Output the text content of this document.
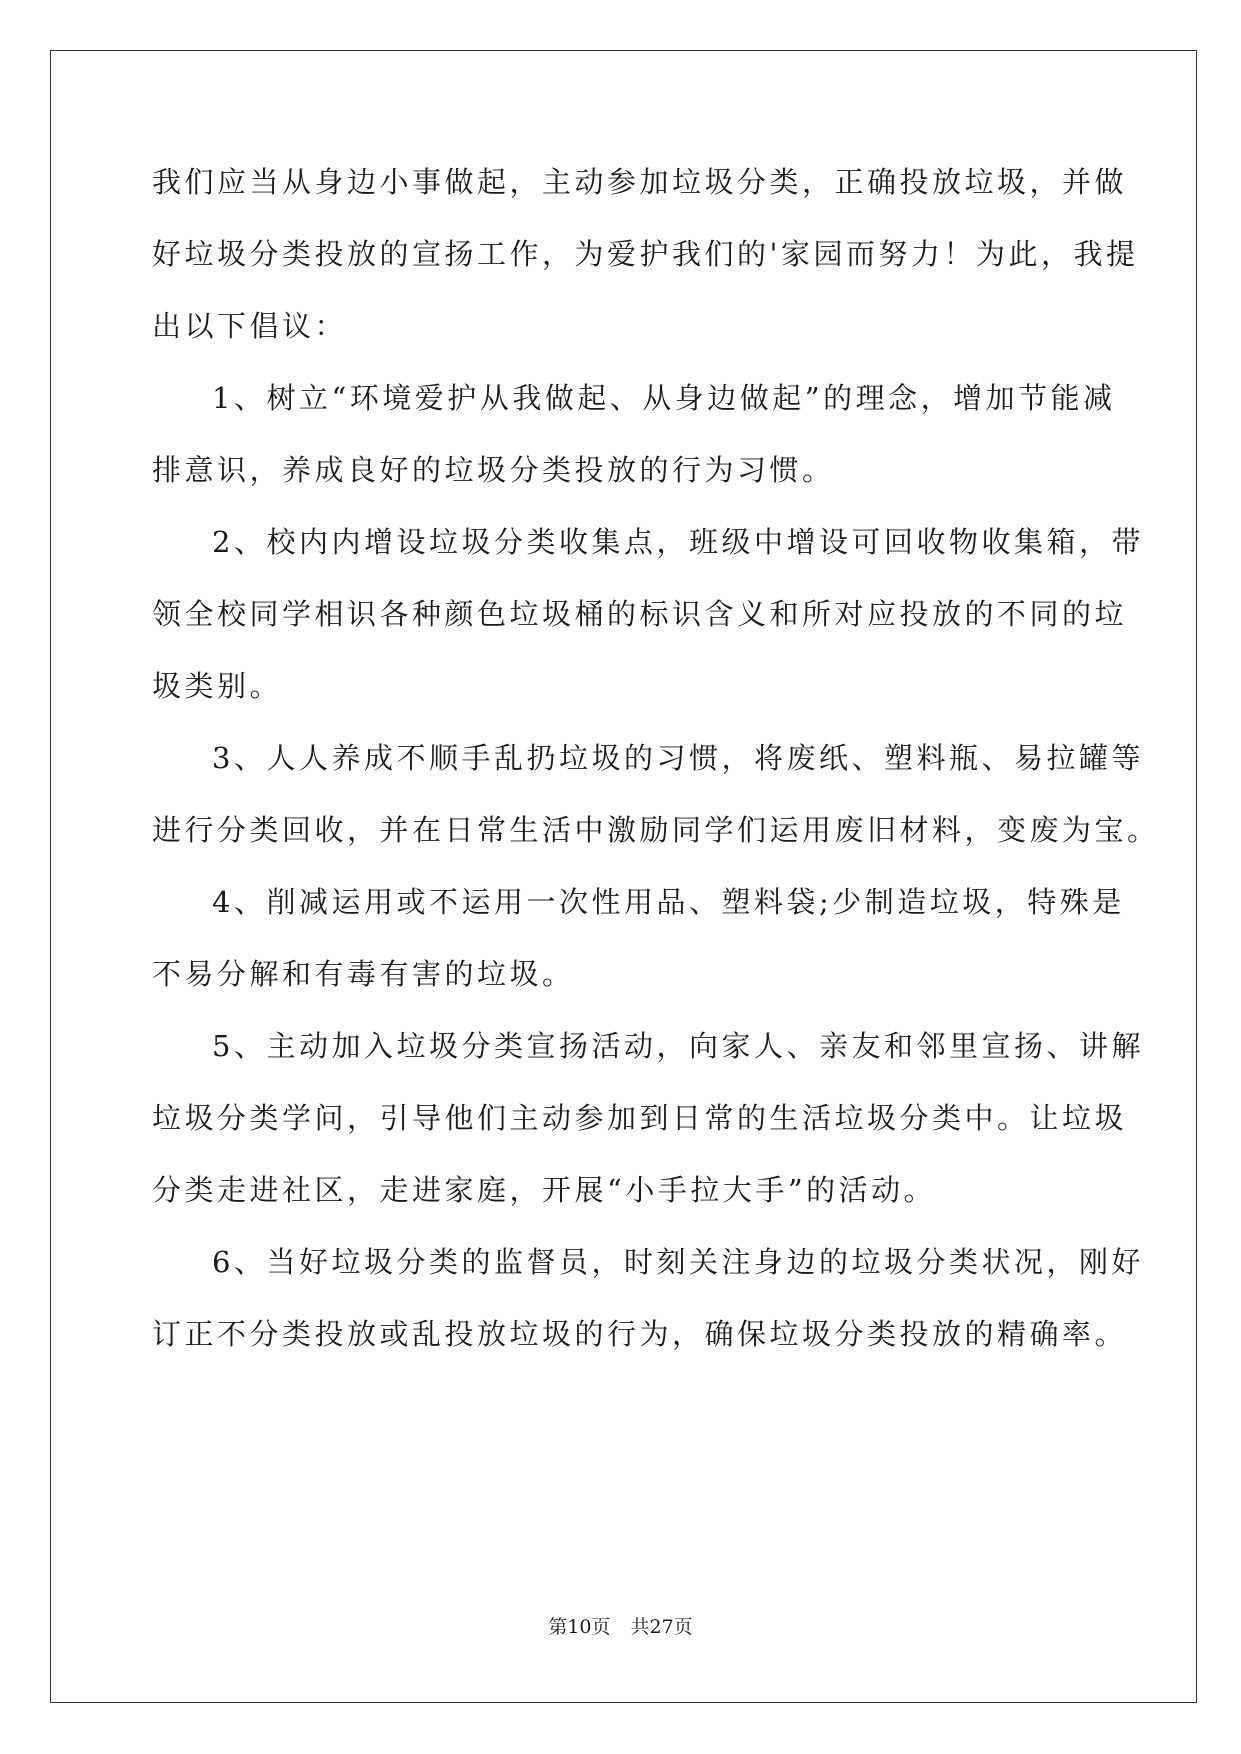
我们应当从身边小事做起，主动参加垃圾分类，正确投放垃圾，并做
好垃圾分类投放的宣扬工作，为爱护我们的'家园而努力！为此，我提
出以下倡议：
1、树立“环境爱护从我做起、从身边做起”的理念，增加节能减
排意识，养成良好的垃圾分类投放的行为习惯。
2、校内内增设垃圾分类收集点，班级中增设可回收物收集箱，带
领全校同学相识各种颜色垃圾桶的标识含义和所对应投放的不同的垃
圾类别。
3、人人养成不顺手乱扔垃圾的习惯，将废纸、塑料瓶、易拉罐等
进行分类回收，并在日常生活中激励同学们运用废旧材料，变废为宝。
4、削减运用或不运用一次性用品、塑料袋;少制造垃圾，特殊是
不易分解和有毒有害的垃圾。
5、主动加入垃圾分类宣扬活动，向家人、亲友和邻里宣扬、讲解
垃圾分类学问，引导他们主动参加到日常的生活垃圾分类中。让垃圾
分类走进社区，走进家庭，开展“小手拉大手”的活动。
6、当好垃圾分类的监督员，时刻关注身边的垃圾分类状况，刚好
订正不分类投放或乱投放垃圾的行为，确保垃圾分类投放的精确率。
第10页 共27页
